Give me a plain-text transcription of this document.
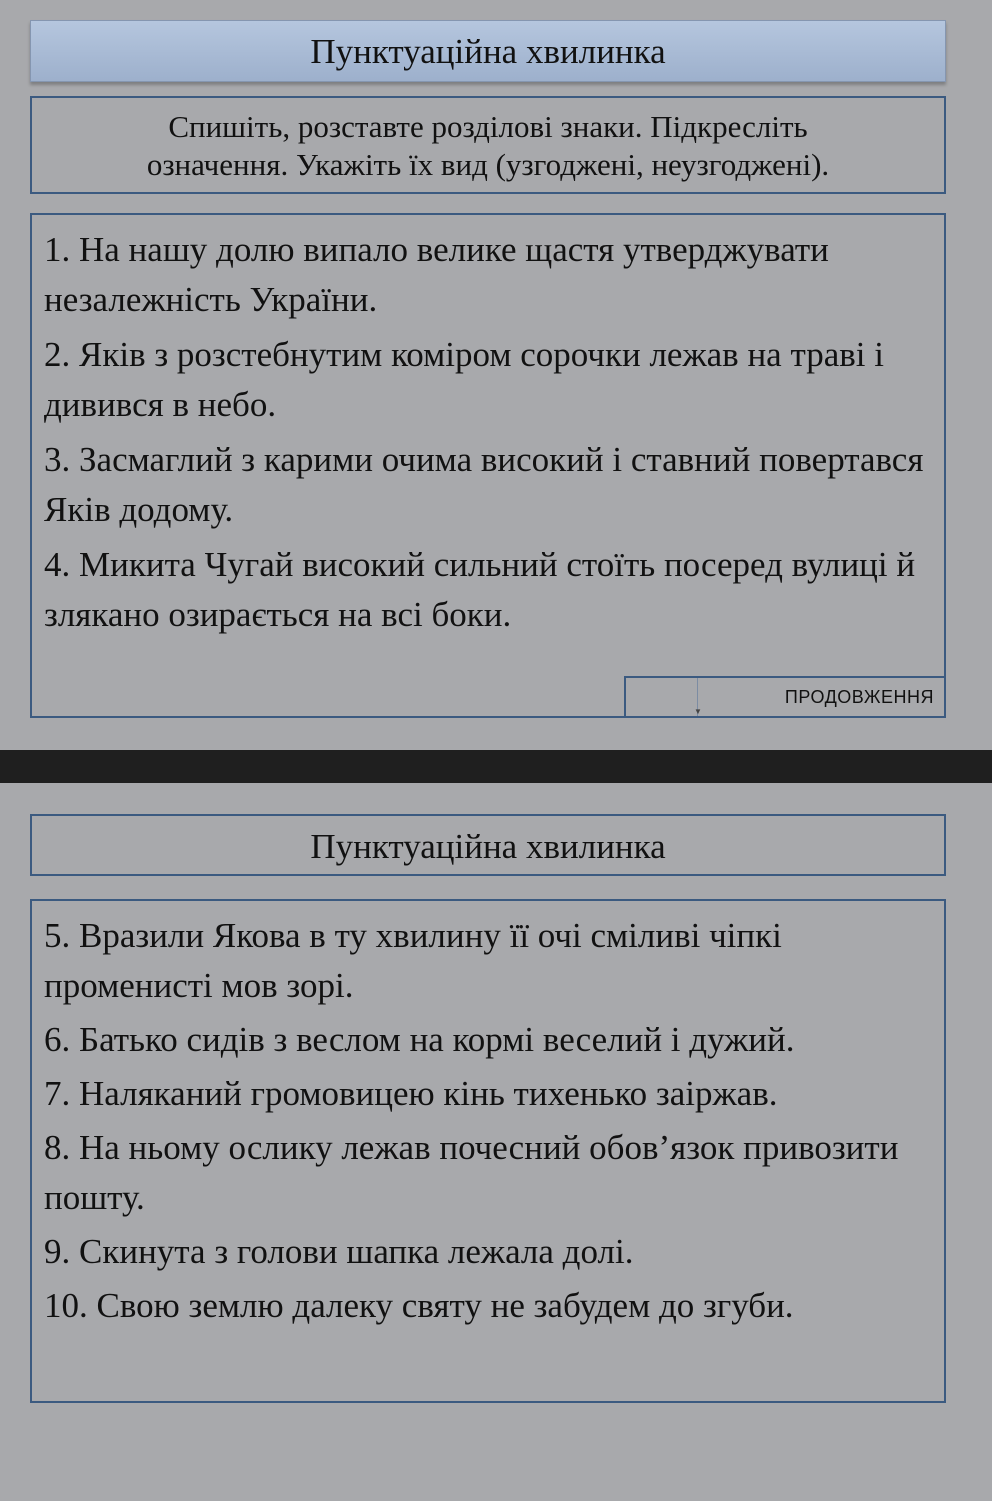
Пунктуаційна хвилинка
Спишіть, розставте розділові знаки. Підкресліть
означення. Укажіть їх вид (узгоджені, неузгоджені).

1. На нашу долю випало велике щастя утверджувати незалежність України.

2. Яків з розстебнутим коміром сорочки лежав на траві і дивився в небо.

3. Засмаглий з карими очима високий і ставний повертався Яків додому.

4. Микита Чугай високий сильний стоїть посеред вулиці й злякано озирається на всі боки.

▼
ПРОДОВЖЕННЯ
Пунктуаційна хвилинка

5. Вразили Якова в ту хвилину її очі сміливі чіпкі променисті мов зорі.

6. Батько сидів з веслом на кормі веселий і дужий.

7. Наляканий громовицею кінь тихенько заіржав.

8. На ньому ослику лежав почесний обов’язок привозити пошту.

9. Скинута з голови шапка лежала долі.

10. Свою землю далеку святу не забудем до згуби.
